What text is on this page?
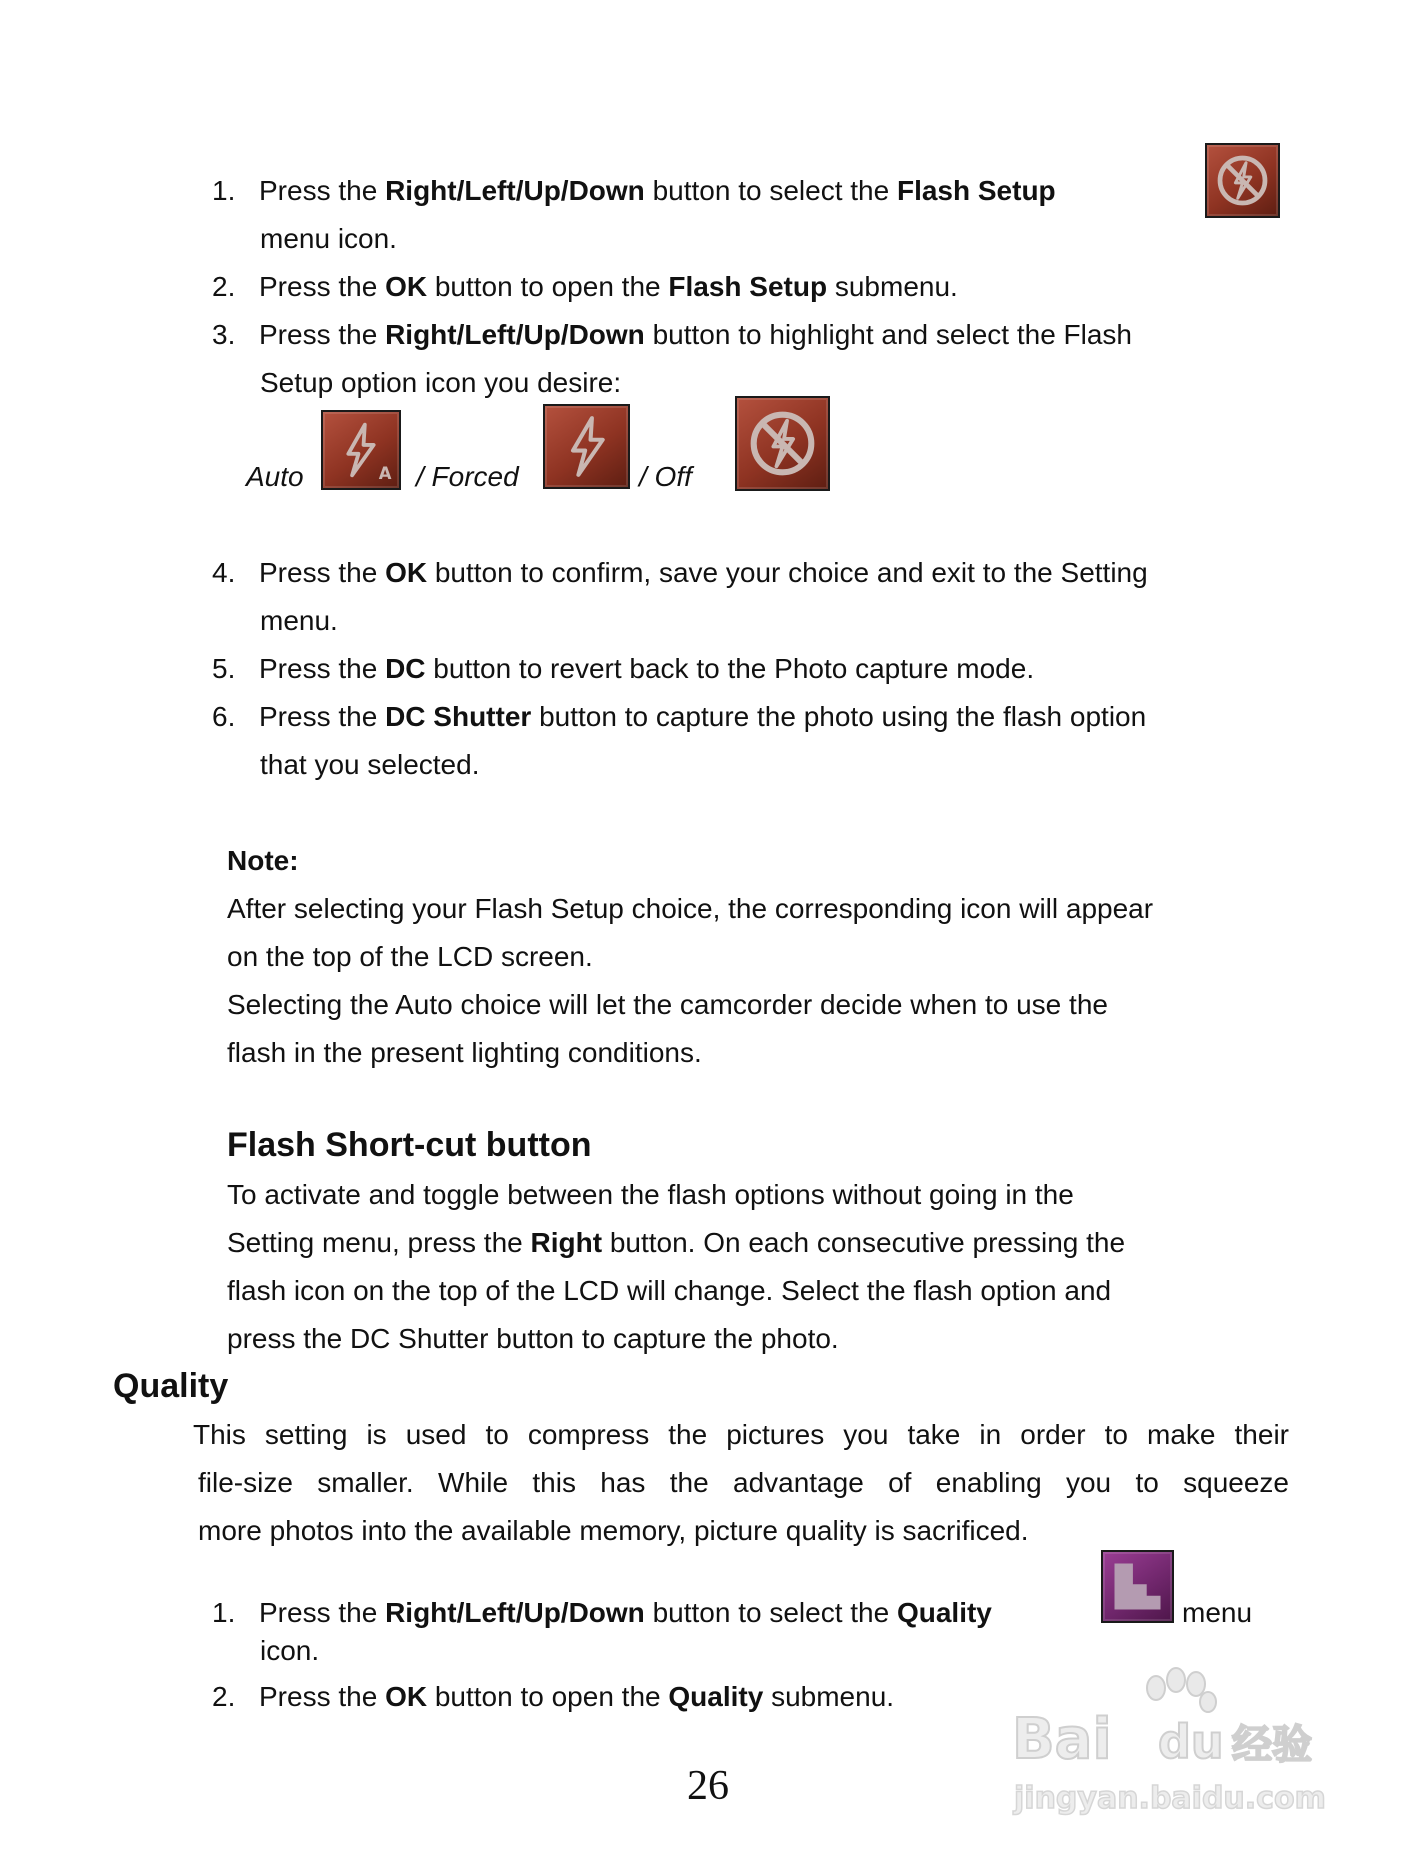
1. Press the Right/Left/Up/Down button to select the Flash Setup
menu icon.
2. Press the OK button to open the Flash Setup submenu.
3. Press the Right/Left/Up/Down button to highlight and select the Flash
Setup option icon you desire:
Auto	A / Forced	/ Off
4. Press the OK button to confirm, save your choice and exit to the Setting
menu.
5. Press the DC button to revert back to the Photo capture mode.
6. Press the DC Shutter button to capture the photo using the flash option
that you selected.
Note:
After selecting your Flash Setup choice, the corresponding icon will appear
on the top of the LCD screen.
Selecting the Auto choice will let the camcorder decide when to use the
flash in the present lighting conditions.
Flash Short-cut button
To activate and toggle between the flash options without going in the
Setting menu, press the Right button. On each consecutive pressing the
flash icon on the top of the LCD will change. Select the flash option and
press the DC Shutter button to capture the photo.
Quality
This setting is used to compress the pictures you take in order to make their
file-size smaller. While this has the advantage of enabling you to squeeze
more photos into the available memory, picture quality is sacrificed.
1. Press the Right/Left/Up/Down button to select the Quality	menu
icon.
2. Press the OK button to open the Quality submenu.
26
Bai du 经验
jingyan.baidu.com
